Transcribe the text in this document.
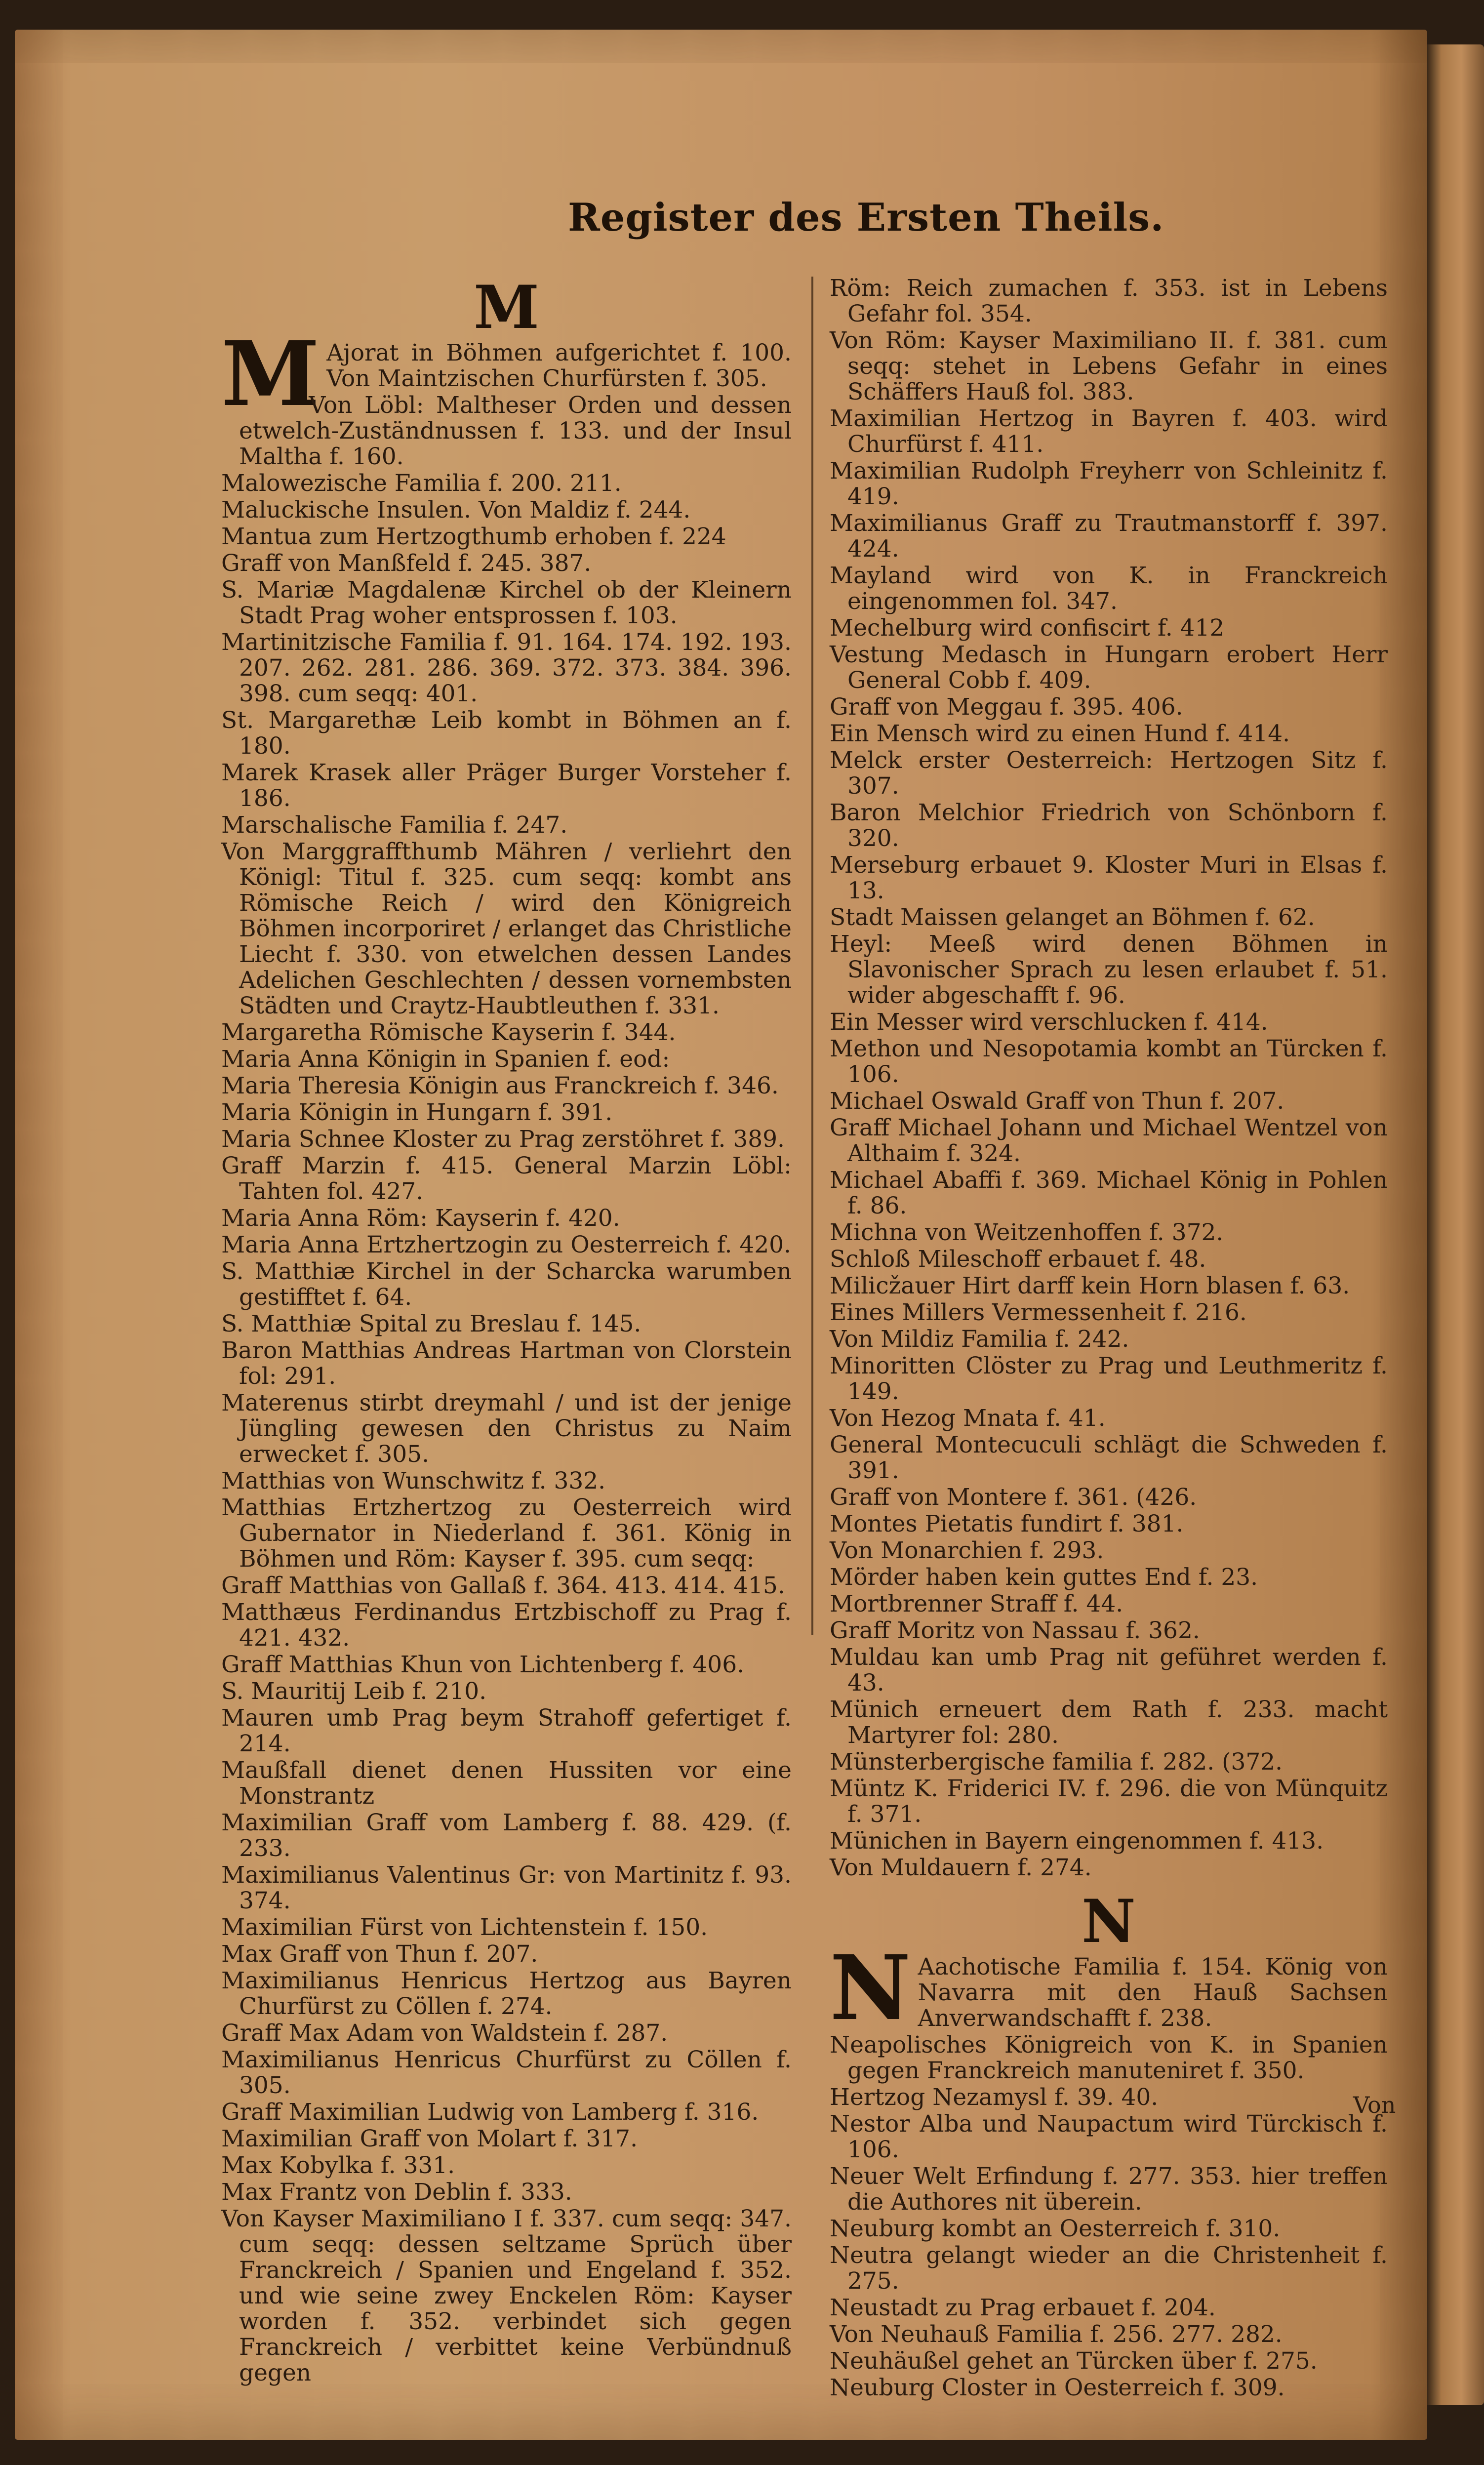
Register des Ersten Theils.
M
M Ajorat in Böhmen aufgerichtet f. 100. Von Maintzischen Churfürsten f. 305.
Von Löbl: Maltheser Orden und dessen etwelch-Zuständnussen f. 133. und der Insul Maltha f. 160.
Malowezische Familia f. 200. 211.
Maluckische Insulen. Von Maldiz f. 244.
Mantua zum Hertzogthumb erhoben f. 224
Graff von Manßfeld f. 245. 387.
S. Mariæ Magdalenæ Kirchel ob der Kleinern Stadt Prag woher entsprossen f. 103.
Martinitzische Familia f. 91. 164. 174. 192. 193. 207. 262. 281. 286. 369. 372. 373. 384. 396. 398. cum seqq: 401.
St. Margarethæ Leib kombt in Böhmen an f. 180.
Marek Krasek aller Präger Burger Vorsteher f. 186.
Marschalische Familia f. 247.
Von Marggraffthumb Mähren / verliehrt den Königl: Titul f. 325. cum seqq: kombt ans Römische Reich / wird den Königreich Böhmen incorporiret / erlanget das Christliche Liecht f. 330. von etwelchen dessen Landes Adelichen Geschlechten / dessen vornembsten Städten und Craytz-Haubtleuthen f. 331.
Margaretha Römische Kayserin f. 344.
Maria Anna Königin in Spanien f. eod:
Maria Theresia Königin aus Franckreich f. 346.
Maria Königin in Hungarn f. 391.
Maria Schnee Kloster zu Prag zerstöhret f. 389.
Graff Marzin f. 415. General Marzin Löbl: Tahten fol. 427.
Maria Anna Röm: Kayserin f. 420.
Maria Anna Ertzhertzogin zu Oesterreich f. 420.
S. Matthiæ Kirchel in der Scharcka warumben gestifftet f. 64.
S. Matthiæ Spital zu Breslau f. 145.
Baron Matthias Andreas Hartman von Clorstein fol: 291.
Materenus stirbt dreymahl / und ist der jenige Jüngling gewesen den Christus zu Naim erwecket f. 305.
Matthias von Wunschwitz f. 332.
Matthias Ertzhertzog zu Oesterreich wird Gubernator in Niederland f. 361. König in Böhmen und Röm: Kayser f. 395. cum seqq:
Graff Matthias von Gallaß f. 364. 413. 414. 415.
Matthæus Ferdinandus Ertzbischoff zu Prag f. 421. 432.
Graff Matthias Khun von Lichtenberg f. 406.
S. Mauritij Leib f. 210.
Mauren umb Prag beym Strahoff gefertiget f. 214.
Maußfall dienet denen Hussiten vor eine Monstrantz
Maximilian Graff vom Lamberg f. 88. 429. (f. 233.
Maximilianus Valentinus Gr: von Martinitz f. 93. 374.
Maximilian Fürst von Lichtenstein f. 150.
Max Graff von Thun f. 207.
Maximilianus Henricus Hertzog aus Bayren Churfürst zu Cöllen f. 274.
Graff Max Adam von Waldstein f. 287.
Maximilianus Henricus Churfürst zu Cöllen f. 305.
Graff Maximilian Ludwig von Lamberg f. 316.
Maximilian Graff von Molart f. 317.
Max Kobylka f. 331.
Max Frantz von Deblin f. 333.
Von Kayser Maximiliano I f. 337. cum seqq: 347. cum seqq: dessen seltzame Sprüch über Franckreich / Spanien und Engeland f. 352. und wie seine zwey Enckelen Röm: Kayser worden f. 352. verbindet sich gegen Franckreich / verbittet keine Verbündnuß gegen
Röm: Reich zumachen f. 353. ist in Lebens Gefahr fol. 354.
Von Röm: Kayser Maximiliano II. f. 381. cum seqq: stehet in Lebens Gefahr in eines Schäffers Hauß fol. 383.
Maximilian Hertzog in Bayren f. 403. wird Churfürst f. 411.
Maximilian Rudolph Freyherr von Schleinitz f. 419.
Maximilianus Graff zu Trautmanstorff f. 397. 424.
Mayland wird von K. in Franckreich eingenommen fol. 347.
Mechelburg wird confiscirt f. 412
Vestung Medasch in Hungarn erobert Herr General Cobb f. 409.
Graff von Meggau f. 395. 406.
Ein Mensch wird zu einen Hund f. 414.
Melck erster Oesterreich: Hertzogen Sitz f. 307.
Baron Melchior Friedrich von Schönborn f. 320.
Merseburg erbauet 9. Kloster Muri in Elsas f. 13.
Stadt Maissen gelanget an Böhmen f. 62.
Heyl: Meeß wird denen Böhmen in Slavonischer Sprach zu lesen erlaubet f. 51. wider abgeschafft f. 96.
Ein Messer wird verschlucken f. 414.
Methon und Nesopotamia kombt an Türcken f. 106.
Michael Oswald Graff von Thun f. 207.
Graff Michael Johann und Michael Wentzel von Althaim f. 324.
Michael Abaffi f. 369. Michael König in Pohlen f. 86.
Michna von Weitzenhoffen f. 372.
Schloß Mileschoff erbauet f. 48.
Milicžauer Hirt darff kein Horn blasen f. 63.
Eines Millers Vermessenheit f. 216.
Von Mildiz Familia f. 242.
Minoritten Clöster zu Prag und Leuthmeritz f. 149.
Von Hezog Mnata f. 41.
General Montecuculi schlägt die Schweden f. 391.
Graff von Montere f. 361. (426.
Montes Pietatis fundirt f. 381.
Von Monarchien f. 293.
Mörder haben kein guttes End f. 23.
Mortbrenner Straff f. 44.
Graff Moritz von Nassau f. 362.
Muldau kan umb Prag nit geführet werden f. 43.
Münich erneuert dem Rath f. 233. macht Martyrer fol: 280.
Münsterbergische familia f. 282. (372.
Müntz K. Friderici IV. f. 296. die von Münquitz f. 371.
Münichen in Bayern eingenommen f. 413.
Von Muldauern f. 274.
N
N Aachotische Familia f. 154. König von Navarra mit den Hauß Sachsen Anverwandschafft f. 238.
Neapolisches Königreich von K. in Spanien gegen Franckreich manuteniret f. 350.
Hertzog Nezamysl f. 39. 40.
Nestor Alba und Naupactum wird Türckisch f. 106.
Neuer Welt Erfindung f. 277. 353. hier treffen die Authores nit überein.
Neuburg kombt an Oesterreich f. 310.
Neutra gelangt wieder an die Christenheit f. 275.
Neustadt zu Prag erbauet f. 204.
Von Neuhauß Familia f. 256. 277. 282.
Neuhäußel gehet an Türcken über f. 275.
Neuburg Closter in Oesterreich f. 309.
Von
